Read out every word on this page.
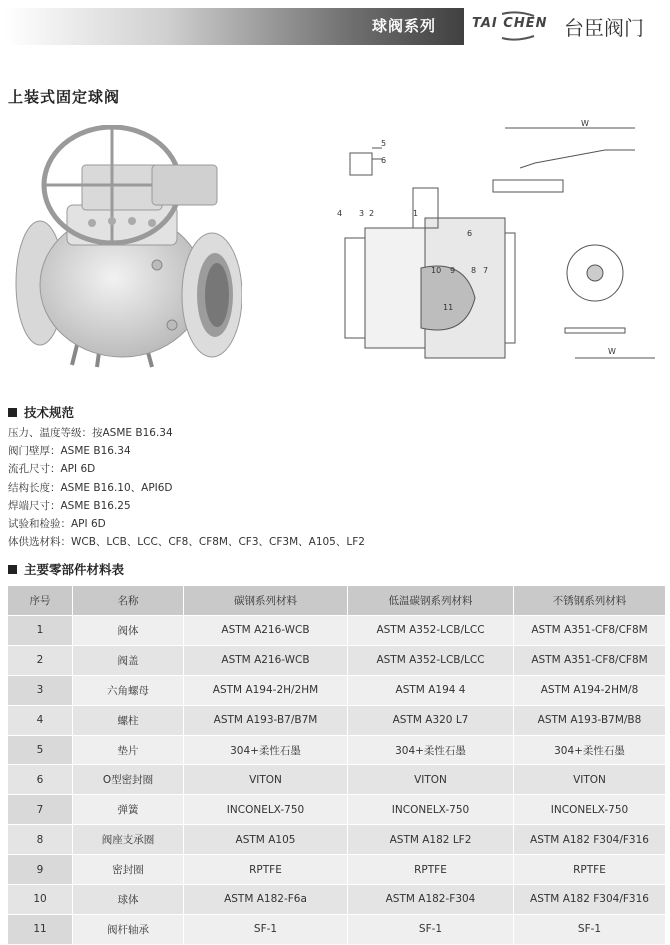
球阀系列	TAI CHEN 台臣阀门
上装式固定球阀
W
W
1
2
3
4
5
6
7
8
9
10
11
6
技术规范
压力、温度等级：按ASME B16.34
阀门壁厚：ASME B16.34
流孔尺寸：API 6D
结构长度：ASME B16.10、API6D
焊端尺寸：ASME B16.25
试验和检验：API 6D
体供选材料：WCB、LCB、LCC、CF8、CF8M、CF3、CF3M、A105、LF2
主要零部件材料表
序号	名称	碳钢系列材料	低温碳钢系列材料	不锈钢系列材料
1	阀体	ASTM A216-WCB	ASTM A352-LCB/LCC	ASTM A351-CF8/CF8M
2	阀盖	ASTM A216-WCB	ASTM A352-LCB/LCC	ASTM A351-CF8/CF8M
3	六角螺母	ASTM A194-2H/2HM	ASTM A194 4	ASTM A194-2HM/8
4	螺柱	ASTM A193-B7/B7M	ASTM A320 L7	ASTM A193-B7M/B8
5	垫片	304+柔性石墨	304+柔性石墨	304+柔性石墨
6	O型密封圈	VITON	VITON	VITON
7	弹簧	INCONELX-750	INCONELX-750	INCONELX-750
8	阀座支承圈	ASTM A105	ASTM A182 LF2	ASTM A182 F304/F316
9	密封圈	RPTFE	RPTFE	RPTFE
10	球体	ASTM A182-F6a	ASTM A182-F304	ASTM A182 F304/F316
11	阀杆轴承	SF-1	SF-1	SF-1
